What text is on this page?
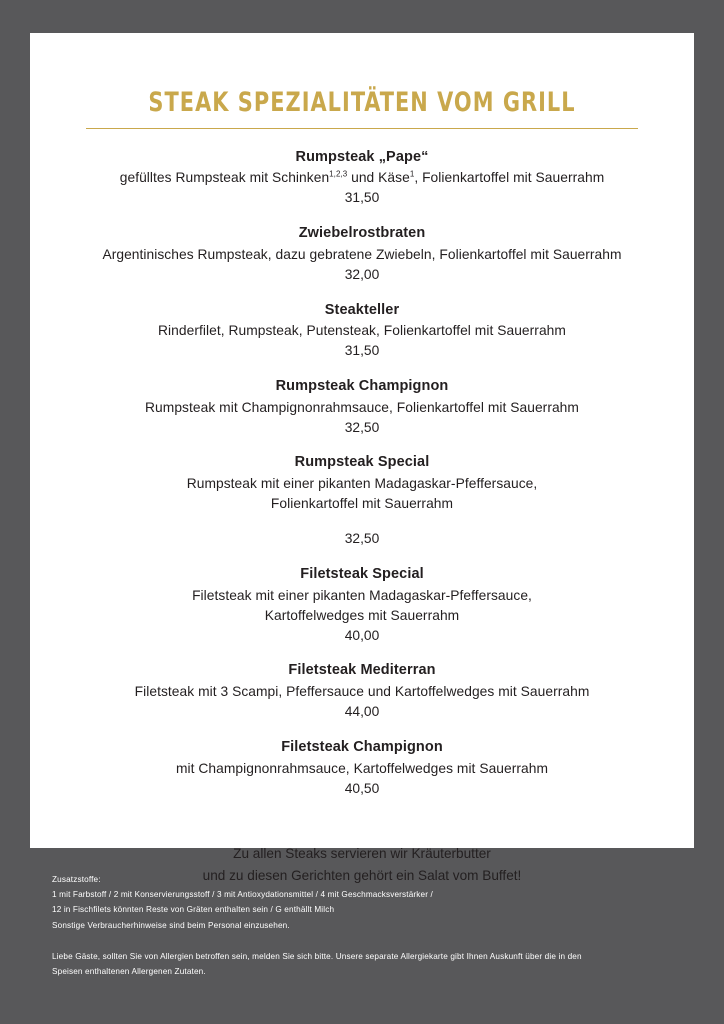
STEAK SPEZIALITÄTEN VOM GRILL
Rumpsteak „Pape“
gefülltes Rumpsteak mit Schinken$^{1,2,3}$ und Käse$^1$, Folienkartoffel mit Sauerrahm
31,50
Zwiebelrostbraten
Argentinisches Rumpsteak, dazu gebratene Zwiebeln, Folienkartoffel mit Sauerrahm
32,00
Steakteller
Rinderfilet, Rumpsteak, Putensteak, Folienkartoffel mit Sauerrahm
31,50
Rumpsteak Champignon
Rumpsteak mit Champignonrahmsauce, Folienkartoffel mit Sauerrahm
32,50
Rumpsteak Special
Rumpsteak mit einer pikanten Madagaskar-Pfeffersauce,
Folienkartoffel mit Sauerrahm
32,50
Filetsteak Special
Filetsteak mit einer pikanten Madagaskar-Pfeffersauce,
Kartoffelwedges mit Sauerrahm
40,00
Filetsteak Mediterran
Filetsteak mit 3 Scampi, Pfeffersauce und Kartoffelwedges mit Sauerrahm
44,00
Filetsteak Champignon
mit Champignonrahmsauce, Kartoffelwedges mit Sauerrahm
40,50
Zu allen Steaks servieren wir Kräuterbutter
und zu diesen Gerichten gehört ein Salat vom Buffet!
Zusatzstoffe:
1 mit Farbstoff / 2 mit Konservierungsstoff / 3 mit Antioxydationsmittel / 4 mit Geschmacksverstärker /
12 in Fischfilets könnten Reste von Gräten enthalten sein / G enthällt Milch
Sonstige Verbraucherhinweise sind beim Personal einzusehen.
Liebe Gäste, sollten Sie von Allergien betroffen sein, melden Sie sich bitte. Unsere separate Allergiekarte gibt Ihnen Auskunft über die in den
Speisen enthaltenen Allergenen Zutaten.
